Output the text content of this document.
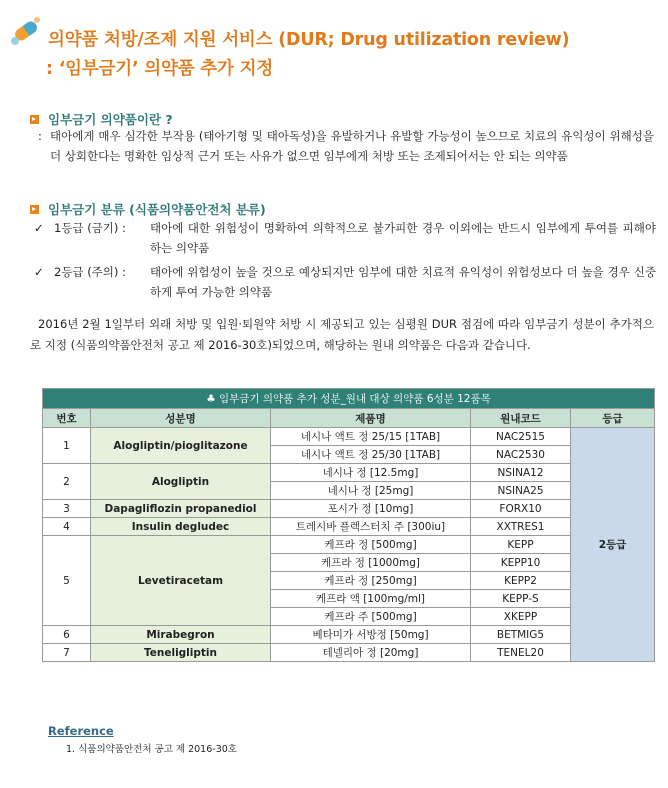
의약품 처방/조제 지원 서비스 (DUR; Drug utilization review)
: ‘임부금기’ 의약품 추가 지정
임부금기 의약품이란 ?
: 태아에게 매우 심각한 부작용 (태아기형 및 태아독성)을 유발하거나 유발할 가능성이 높으므로 치료의 유익성이 위해성을 더 상회한다는 명확한 임상적 근거 또는 사유가 없으면 임부에게 처방 또는 조제되어서는 안 되는 의약품
임부금기 분류 (식품의약품안전처 분류)
✓ 1등급 (금기) :	태아에 대한 위험성이 명확하여 의학적으로 불가피한 경우 이외에는 반드시 임부에게 투여를 피해야 하는 의약품
✓ 2등급 (주의) :	태아에 위험성이 높을 것으로 예상되지만 임부에 대한 치료적 유익성이 위험성보다 더 높을 경우 신중하게 투여 가능한 의약품
2016년 2월 1일부터 외래 처방 및 입원·퇴원약 처방 시 제공되고 있는 심평원 DUR 점검에 따라 임부금기 성분이 추가적으로 지정 (식품의약품안전처 공고 제 2016-30호)되었으며, 해당하는 원내 의약품은 다음과 같습니다.
♣ 임부금기 의약품 추가 성분_원내 대상 의약품 6성분 12품목				
번호	성분명	제품명	원내코드	등급
1	Alogliptin/pioglitazone	네시나 액트 정 25/15 [1TAB]	NAC2515	2등급
		네시나 액트 정 25/30 [1TAB]	NAC2530	
2	Alogliptin	네시나 정 [12.5mg]	NSINA12	
		네시나 정 [25mg]	NSINA25	
3	Dapagliflozin propanediol	포시가 정 [10mg]	FORX10	
4	Insulin degludec	트레시바 플렉스터치 주 [300iu]	XXTRES1	
5	Levetiracetam	케프라 정 [500mg]	KEPP	
		케프라 정 [1000mg]	KEPP10	
		케프라 정 [250mg]	KEPP2	
		케프라 액 [100mg/ml]	KEPP-S	
		케프라 주 [500mg]	XKEPP	
6	Mirabegron	베타미가 서방정 [50mg]	BETMIG5	
7	Teneligliptin	테넬리아 정 [20mg]	TENEL20	
Reference
1. 식품의약품안전처 공고 제 2016-30호
